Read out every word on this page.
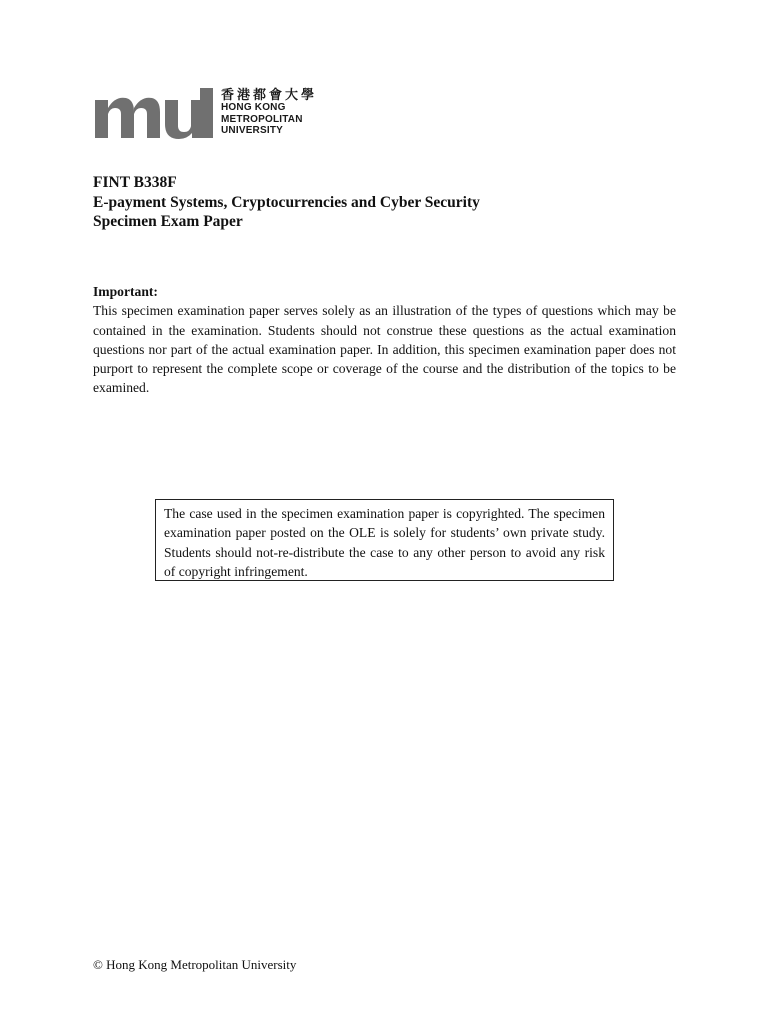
香港都會大學
HONG KONG
METROPOLITAN
UNIVERSITY
FINT B338F
E-payment Systems, Cryptocurrencies and Cyber Security
Specimen Exam Paper
Important:
This specimen examination paper serves solely as an illustration of the types of questions which may be contained in the examination. Students should not construe these questions as the actual examination questions nor part of the actual examination paper. In addition, this specimen examination paper does not purport to represent the complete scope or coverage of the course and the distribution of the topics to be examined.
The case used in the specimen examination paper is copyrighted. The specimen examination paper posted on the OLE is solely for students’ own private study. Students should not-re-distribute the case to any other person to avoid any risk of copyright infringement.
© Hong Kong Metropolitan University
